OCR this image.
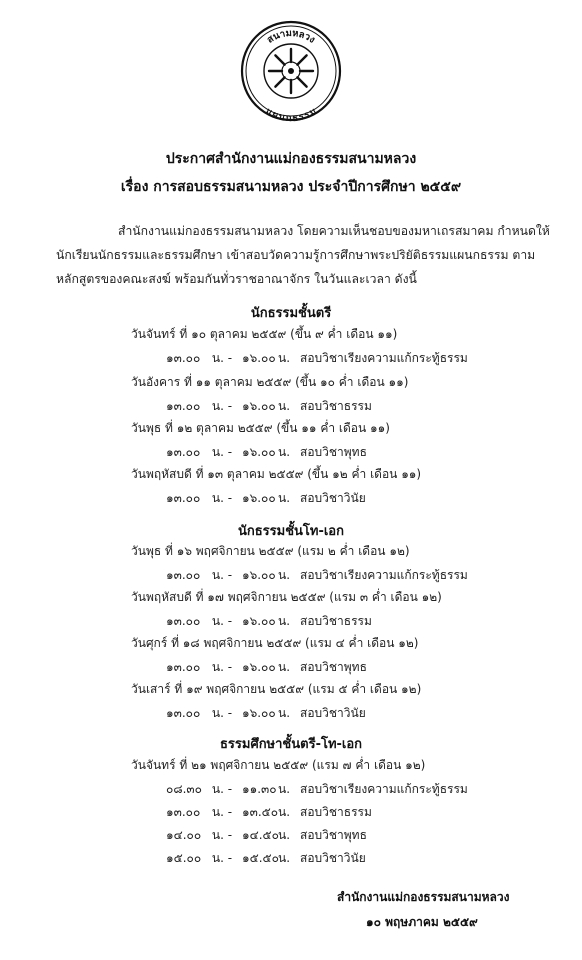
สนามหลวง
แผนกธรรม
ประกาศสำนักงานแม่กองธรรมสนามหลวง
เรื่อง การสอบธรรมสนามหลวง ประจำปีการศึกษา ๒๕๕๙
สำนักงานแม่กองธรรมสนามหลวง โดยความเห็นชอบของมหาเถรสมาคม กำหนดให้
นักเรียนนักธรรมและธรรมศึกษา เข้าสอบวัดความรู้การศึกษาพระปริยัติธรรมแผนกธรรม ตาม
หลักสูตรของคณะสงฆ์ พร้อมกันทั่วราชอาณาจักร ในวันและเวลา ดังนี้
นักธรรมชั้นตรี
วันจันทร์ ที่ ๑๐ ตุลาคม ๒๕๕๙ (ขึ้น ๙ ค่ำ เดือน ๑๑)
๑๓.๐๐ น. - ๑๖.๐๐ น. สอบวิชาเรียงความแก้กระทู้ธรรม
วันอังคาร ที่ ๑๑ ตุลาคม ๒๕๕๙ (ขึ้น ๑๐ ค่ำ เดือน ๑๑)
๑๓.๐๐ น. - ๑๖.๐๐ น. สอบวิชาธรรม
วันพุธ ที่ ๑๒ ตุลาคม ๒๕๕๙ (ขึ้น ๑๑ ค่ำ เดือน ๑๑)
๑๓.๐๐ น. - ๑๖.๐๐ น. สอบวิชาพุทธ
วันพฤหัสบดี ที่ ๑๓ ตุลาคม ๒๕๕๙ (ขึ้น ๑๒ ค่ำ เดือน ๑๑)
๑๓.๐๐ น. - ๑๖.๐๐ น. สอบวิชาวินัย
นักธรรมชั้นโท-เอก
วันพุธ ที่ ๑๖ พฤศจิกายน ๒๕๕๙ (แรม ๒ ค่ำ เดือน ๑๒)
๑๓.๐๐ น. - ๑๖.๐๐ น. สอบวิชาเรียงความแก้กระทู้ธรรม
วันพฤหัสบดี ที่ ๑๗ พฤศจิกายน ๒๕๕๙ (แรม ๓ ค่ำ เดือน ๑๒)
๑๓.๐๐ น. - ๑๖.๐๐ น. สอบวิชาธรรม
วันศุกร์ ที่ ๑๘ พฤศจิกายน ๒๕๕๙ (แรม ๔ ค่ำ เดือน ๑๒)
๑๓.๐๐ น. - ๑๖.๐๐ น. สอบวิชาพุทธ
วันเสาร์ ที่ ๑๙ พฤศจิกายน ๒๕๕๙ (แรม ๕ ค่ำ เดือน ๑๒)
๑๓.๐๐ น. - ๑๖.๐๐ น. สอบวิชาวินัย
ธรรมศึกษาชั้นตรี-โท-เอก
วันจันทร์ ที่ ๒๑ พฤศจิกายน ๒๕๕๙ (แรม ๗ ค่ำ เดือน ๑๒)
๐๘.๓๐ น. - ๑๑.๓๐น. สอบวิชาเรียงความแก้กระทู้ธรรม
๑๓.๐๐ น. - ๑๓.๕๐น. สอบวิชาธรรม
๑๔.๐๐ น. - ๑๔.๕๐น. สอบวิชาพุทธ
๑๕.๐๐ น. - ๑๕.๕๐น. สอบวิชาวินัย
สำนักงานแม่กองธรรมสนามหลวง
๑๐ พฤษภาคม ๒๕๕๙
